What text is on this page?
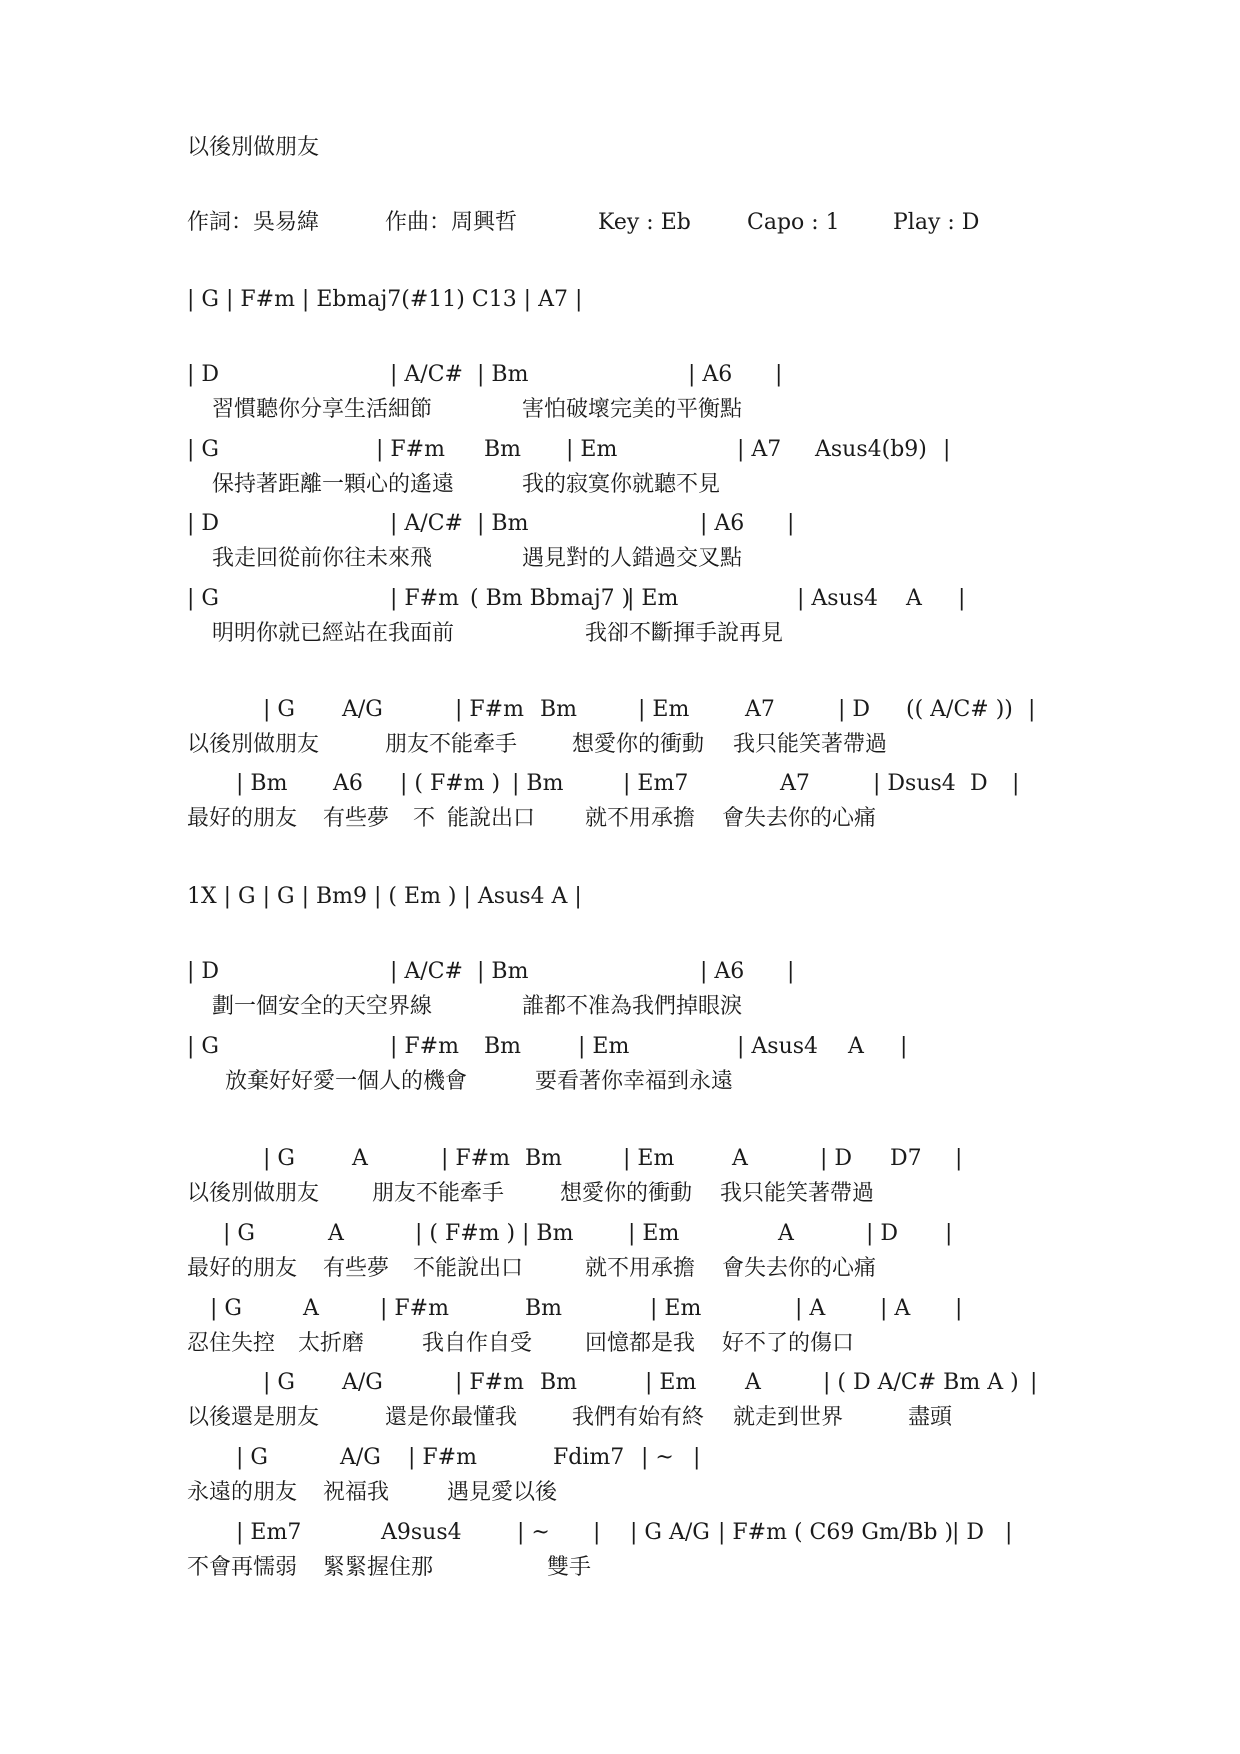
以後別做朋友
作詞：吳易緯	作曲：周興哲	Key : Eb	Capo : 1 Play : D
| G | F#m | Ebmaj7(#11) C13 | A7 |
| D	| A/C# | Bm	| A6 |
習慣聽你分享生活細節	害怕破壞完美的平衡點
| G	| F#m Bm | Em	| A7 Asus4(b9) |
保持著距離一顆心的遙遠	我的寂寞你就聽不見
| D	| A/C# | Bm	| A6 |
我走回從前你往未來飛	遇見對的人錯過交叉點
| G	| F#m ( Bm Bbmaj7 )
| Em	| Asus4 A |
明明你就已經站在我面前	我卻不斷揮手說再見
| G A/G	| F#m Bm	| Em	A7	| D (( A/C# )) |
以後別做朋友	朋友不能牽手 想愛你的衝動 我只能笑著帶過
| Bm A6 | ( F#m ) | Bm	| Em7	A7	| Dsus4 D |
最好的朋友 有些夢 不 能說出口 就不用承擔 會失去你的心痛
1X | G | G | Bm9 | ( Em ) | Asus4 A |
| D	| A/C# | Bm	| A6 |
劃一個安全的天空界線	誰都不准為我們掉眼淚
| G	| F#m Bm	| Em	| Asus4 A |
放棄好好愛一個人的機會	要看著你幸福到永遠
| G	A	| F#m Bm	| Em	A	| D D7 |
以後別做朋友 朋友不能牽手	想愛你的衝動 我只能笑著帶過
| G	A	| ( F#m ) | Bm | Em	A	| D |
最好的朋友 有些夢 不能說出口	就不用承擔 會失去你的心痛
| G	A	| F#m	Bm	| Em	| A | A |
忍住失控 太折磨	我自作自受 回憶都是我 好不了的傷口
| G A/G	| F#m Bm	| Em A	| ( D A/C# Bm A ) |
以後還是朋友	還是你最懂我 我們有始有終 就走到世界	盡頭
| G	A/G | F#m	Fdim7 | ~ |
永遠的朋友 祝福我	遇見愛以後
| Em7	A9sus4	| ~ | | G A/G | F#m ( C69 Gm/Bb )
| D |
不會再懦弱 緊緊握住那	雙手
